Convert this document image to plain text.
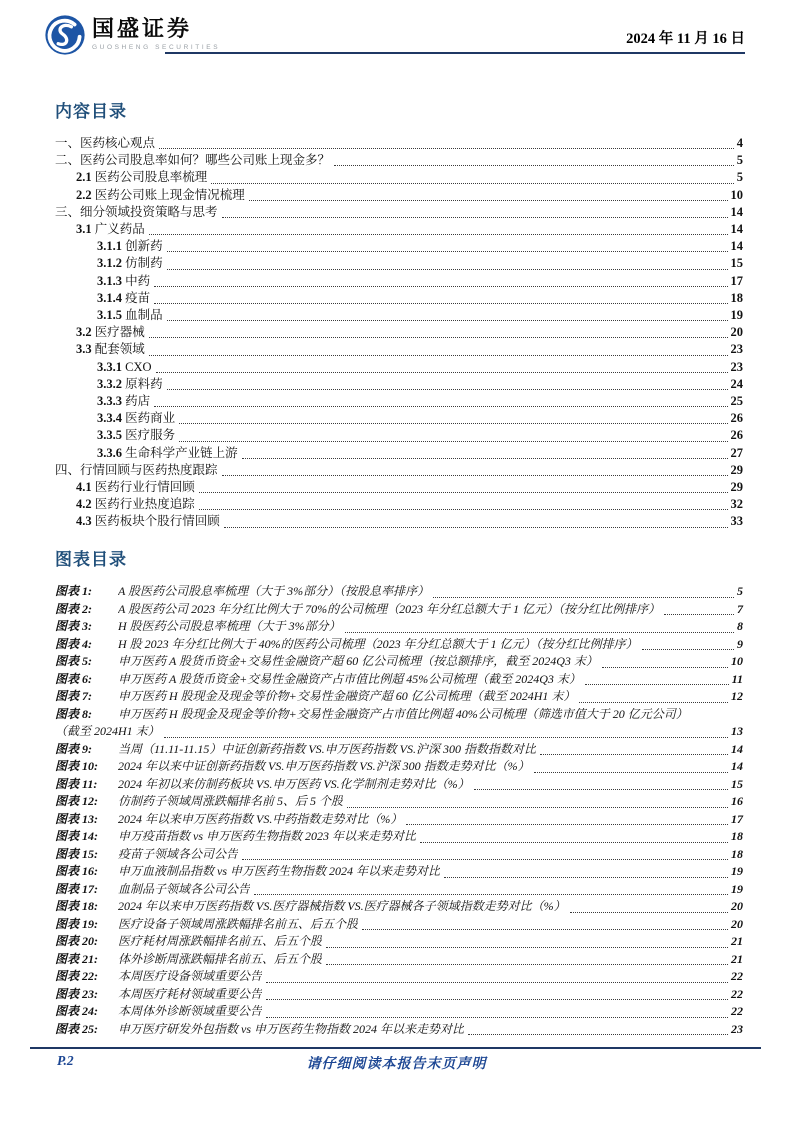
国盛证券
GUOSHENG SECURITIES
2024 年 11 月 16 日
内容目录
一、医药核心观点	4
二、医药公司股息率如何？哪些公司账上现金多？	5
2.1 医药公司股息率梳理	5
2.2 医药公司账上现金情况梳理	10
三、细分领域投资策略与思考	14
3.1 广义药品	14
3.1.1 创新药	14
3.1.2 仿制药	15
3.1.3 中药	17
3.1.4 疫苗	18
3.1.5 血制品	19
3.2 医疗器械	20
3.3 配套领域	23
3.3.1 CXO	23
3.3.2 原料药	24
3.3.3 药店	25
3.3.4 医药商业	26
3.3.5 医疗服务	26
3.3.6 生命科学产业链上游	27
四、行情回顾与医药热度跟踪	29
4.1 医药行业行情回顾	29
4.2 医药行业热度追踪	32
4.3 医药板块个股行情回顾	33
图表目录
图表 1:	A 股医药公司股息率梳理（大于 3%部分）（按股息率排序）	5
图表 2:	A 股医药公司 2023 年分红比例大于 70%的公司梳理（2023 年分红总额大于 1 亿元）（按分红比例排序）	7
图表 3:	H 股医药公司股息率梳理（大于 3%部分）	8
图表 4:	H 股 2023 年分红比例大于 40%的医药公司梳理（2023 年分红总额大于 1 亿元）（按分红比例排序）	9
图表 5:	申万医药 A 股货币资金+交易性金融资产超 60 亿公司梳理（按总额排序，截至 2024Q3 末）	10
图表 6:	申万医药 A 股货币资金+交易性金融资产占市值比例超 45%公司梳理（截至 2024Q3 末）	11
图表 7:	申万医药 H 股现金及现金等价物+交易性金融资产超 60 亿公司梳理（截至 2024H1 末）	12
图表 8:	申万医药 H 股现金及现金等价物+交易性金融资产占市值比例超 40%公司梳理（筛选市值大于 20 亿元公司）
（截至 2024H1 末）	13
图表 9:	当周（11.11-11.15）中证创新药指数 VS.申万医药指数 VS.沪深 300 指数指数对比	14
图表 10:	2024 年以来中证创新药指数 VS.申万医药指数 VS.沪深 300 指数走势对比（%）	14
图表 11:	2024 年初以来仿制药板块 VS.申万医药 VS.化学制剂走势对比（%）	15
图表 12:	仿制药子领域周涨跌幅排名前 5、后 5 个股	16
图表 13:	2024 年以来申万医药指数 VS.中药指数走势对比（%）	17
图表 14:	申万疫苗指数 vs 申万医药生物指数 2023 年以来走势对比	18
图表 15:	疫苗子领域各公司公告	18
图表 16:	申万血液制品指数 vs 申万医药生物指数 2024 年以来走势对比	19
图表 17:	血制品子领域各公司公告	19
图表 18:	2024 年以来申万医药指数 VS.医疗器械指数 VS.医疗器械各子领域指数走势对比（%）	20
图表 19:	医疗设备子领域周涨跌幅排名前五、后五个股	20
图表 20:	医疗耗材周涨跌幅排名前五、后五个股	21
图表 21:	体外诊断周涨跌幅排名前五、后五个股	21
图表 22:	本周医疗设备领域重要公告	22
图表 23:	本周医疗耗材领域重要公告	22
图表 24:	本周体外诊断领域重要公告	22
图表 25:	申万医疗研发外包指数 vs 申万医药生物指数 2024 年以来走势对比	23
P.2	请仔细阅读本报告末页声明
